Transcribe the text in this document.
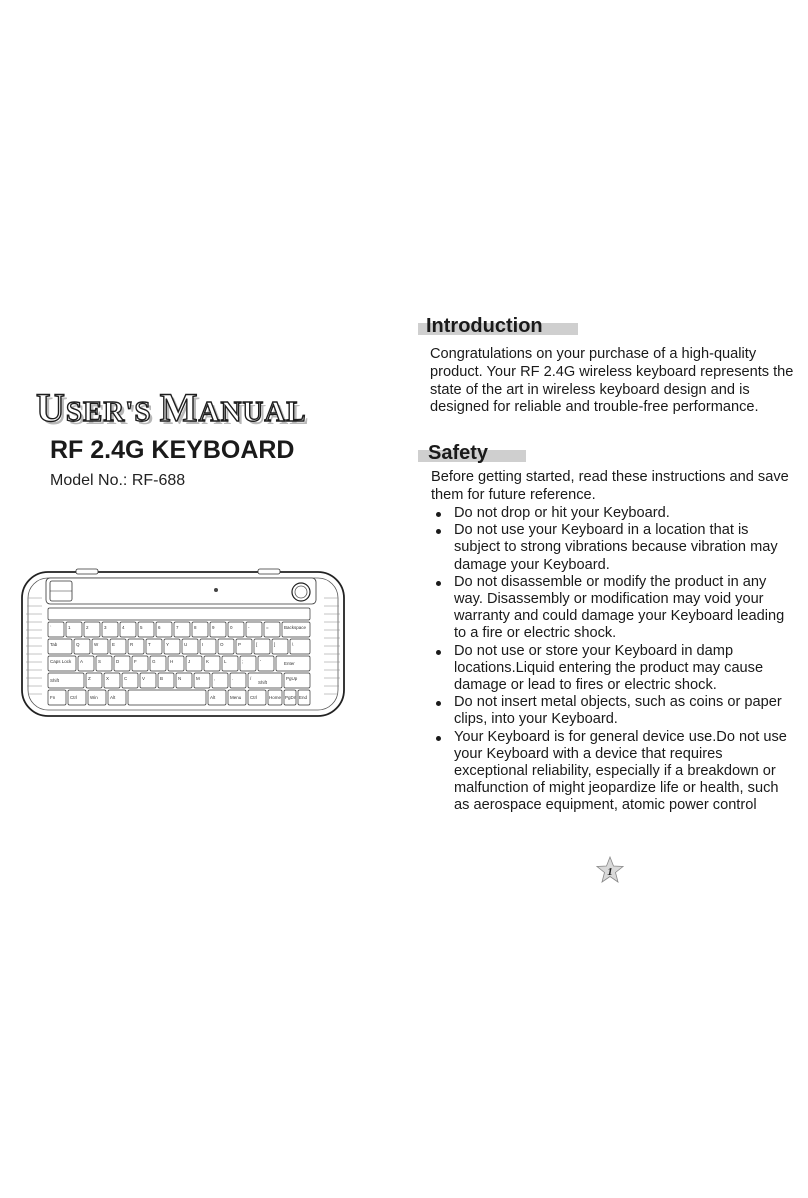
USER'S MANUAL
RF 2.4G KEYBOARD
Model No.: RF-688
`	1	2	3	4	5	6	7	8	9	0	-	=	Backspace
Tab	Q	W	E	R	T	Y	U	I	O	P	[	]	\
Caps Lock A	S	D	F	G	H	J	K	L	;	'	Enter
Shift	Z	X	C	V	B	N	M	,	.	/
Shift
PgUp
Fn	Ctrl	Win	Alt	Alt	Menu Ctrl	Home PgDn End
Introduction

Congratulations on your purchase of a high-quality product. Your RF 2.4G wireless keyboard represents the state of the art in wireless keyboard design and is designed for reliable and trouble-free performance.

Safety

Before getting started, read these instructions and save them for future reference.

Do not drop or hit your Keyboard.
Do not use your Keyboard in a location that is subject to strong vibrations because vibration may damage your Keyboard.
Do not disassemble or modify the product in any way. Disassembly or modification may void your warranty and could damage your Keyboard leading to a fire or electric shock.
Do not use or store your Keyboard in damp locations.Liquid entering the product may cause damage or lead to fires or electric shock.
Do not insert metal objects, such as coins or paper clips, into your Keyboard.
Your Keyboard is for general device use.Do not use your Keyboard with a device that requires exceptional reliability, especially if a breakdown or malfunction of might jeopardize life or health, such as aerospace equipment, atomic power control
1
